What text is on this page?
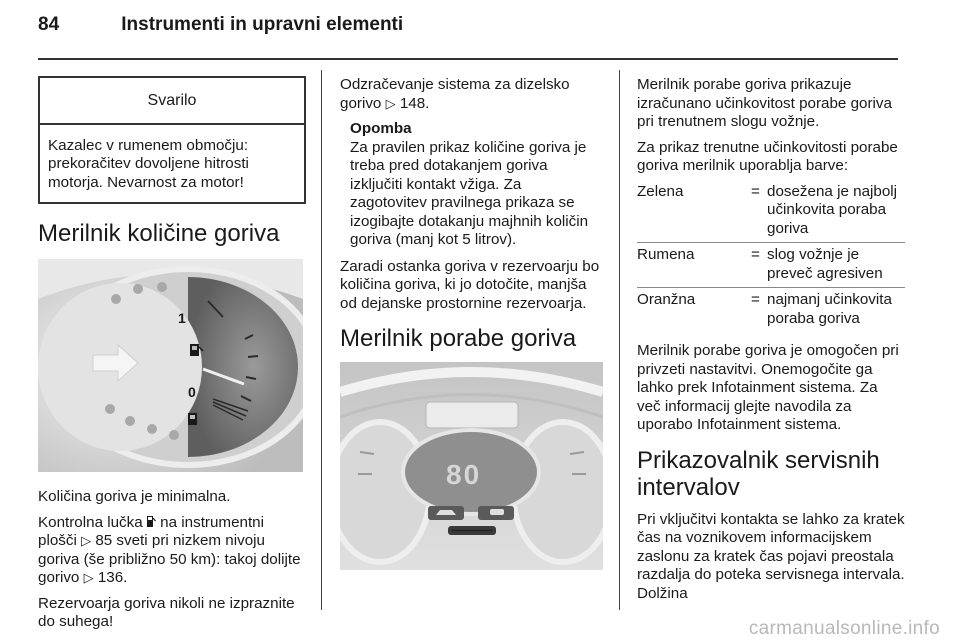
84	Instrumenti in upravni elementi
Svarilo
Kazalec v rumenem območju: prekoračitev dovoljene hitrosti motorja. Nevarnost za motor!
Merilnik količine goriva
1
0

Količina goriva je minimalna.

Kontrolna lučka na instrumentni plošči ▷ 85 sveti pri nizkem nivoju goriva (še približno 50 km): takoj dolijte gorivo ▷ 136.

Rezervoarja goriva nikoli ne izpraznite do suhega!

Odzračevanje sistema za dizelsko gorivo ▷ 148.

Opomba
Za pravilen prikaz količine goriva je treba pred dotakanjem goriva izključiti kontakt vžiga. Za zagotovitev pravilnega prikaza se izogibajte dotakanju majhnih količin goriva (manj kot 5 litrov).

Zaradi ostanka goriva v rezervoarju bo količina goriva, ki jo dotočite, manjša od dejanske prostornine rezervoarja.

Merilnik porabe goriva
80

Merilnik porabe goriva prikazuje izračunano učinkovitost porabe goriva pri trenutnem slogu vožnje.

Za prikaz trenutne učinkovitosti porabe goriva merilnik uporablja barve:

Zelena	=	dosežena je najbolj učinkovita poraba goriva
Rumena	=	slog vožnje je preveč agresiven
Oranžna	=	najmanj učinkovita poraba goriva

Merilnik porabe goriva je omogočen pri privzeti nastavitvi. Onemogočite ga lahko prek Infotainment sistema. Za več informacij glejte navodila za uporabo Infotainment sistema.

Prikazovalnik servisnih intervalov

Pri vključitvi kontakta se lahko za kratek čas na voznikovem informacijskem zaslonu za kratek čas pojavi preostala razdalja do poteka servisnega intervala. Dolžina

carmanualsonline.info
